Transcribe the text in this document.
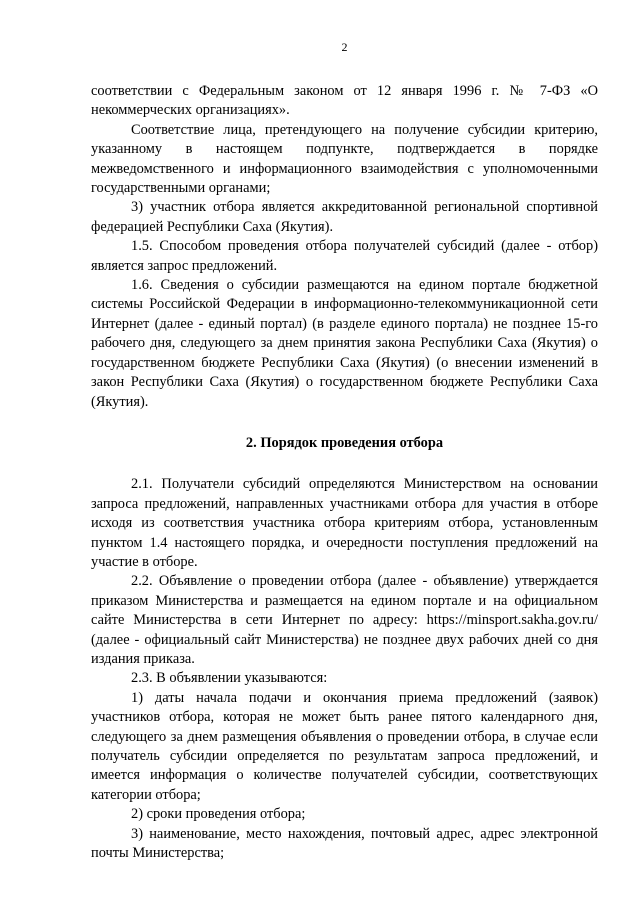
2

соответствии с Федеральным законом от 12 января 1996 г. № 7-ФЗ «О некоммерческих организациях».

Соответствие лица, претендующего на получение субсидии критерию, указанному в настоящем подпункте, подтверждается в порядке межведомственного и информационного взаимодействия с уполномоченными государственными органами;

3) участник отбора является аккредитованной региональной спортивной федерацией Республики Саха (Якутия).

1.5. Способом проведения отбора получателей субсидий (далее - отбор) является запрос предложений.

1.6. Сведения о субсидии размещаются на едином портале бюджетной системы Российской Федерации в информационно-телекоммуникационной сети Интернет (далее - единый портал) (в разделе единого портала) не позднее 15-го рабочего дня, следующего за днем принятия закона Республики Саха (Якутия) о государственном бюджете Республики Саха (Якутия) (о внесении изменений в закон Республики Саха (Якутия) о государственном бюджете Республики Саха (Якутия).

2. Порядок проведения отбора

2.1. Получатели субсидий определяются Министерством на основании запроса предложений, направленных участниками отбора для участия в отборе исходя из соответствия участника отбора критериям отбора, установленным пунктом 1.4 настоящего порядка, и очередности поступления предложений на участие в отборе.

2.2. Объявление о проведении отбора (далее - объявление) утверждается приказом Министерства и размещается на едином портале и на официальном сайте Министерства в сети Интернет по адресу: https://minsport.sakha.gov.ru/ (далее - официальный сайт Министерства) не позднее двух рабочих дней со дня издания приказа.

2.3. В объявлении указываются:

1) даты начала подачи и окончания приема предложений (заявок) участников отбора, которая не может быть ранее пятого календарного дня, следующего за днем размещения объявления о проведении отбора, в случае если получатель субсидии определяется по результатам запроса предложений, и имеется информация о количестве получателей субсидии, соответствующих категории отбора;

2) сроки проведения отбора;

3) наименование, место нахождения, почтовый адрес, адрес электронной почты Министерства;
